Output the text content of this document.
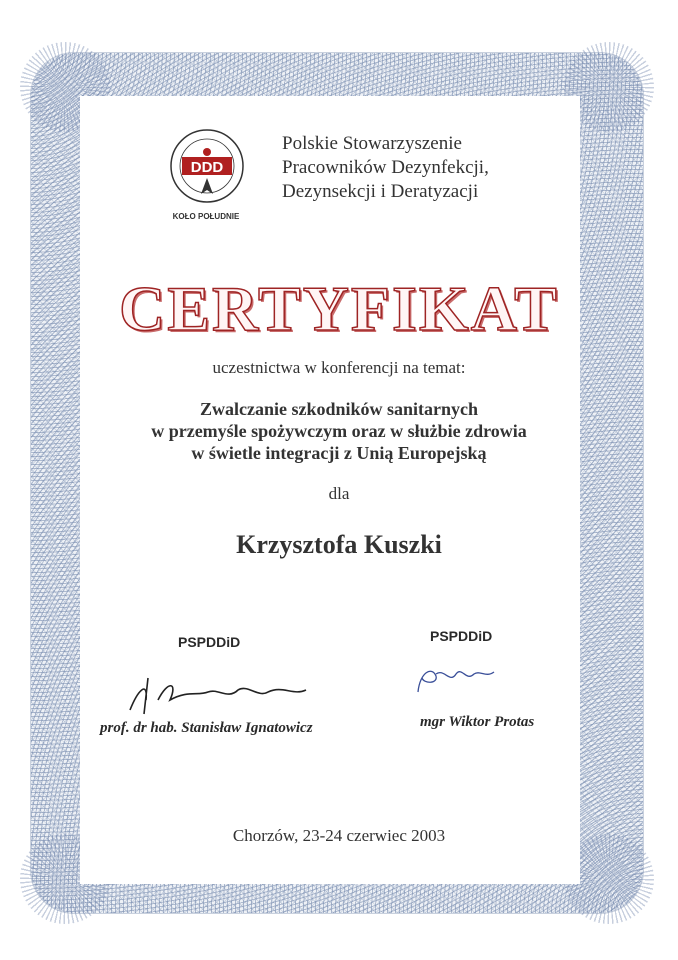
DDD
KOŁO POŁUDNIE
Polskie Stowarzyszenie
Pracowników Dezynfekcji,
Dezynsekcji i Deratyzacji
CERTYFIKAT
uczestnictwa w konferencji na temat:
Zwalczanie szkodników sanitarnych
w przemyśle spożywczym oraz w służbie zdrowia
w świetle integracji z Unią Europejską
dla
Krzysztofa Kuszki
PSPDDiD	PSPDDiD
prof. dr hab. Stanisław Ignatowicz	mgr Wiktor Protas
Chorzów, 23-24 czerwiec 2003
